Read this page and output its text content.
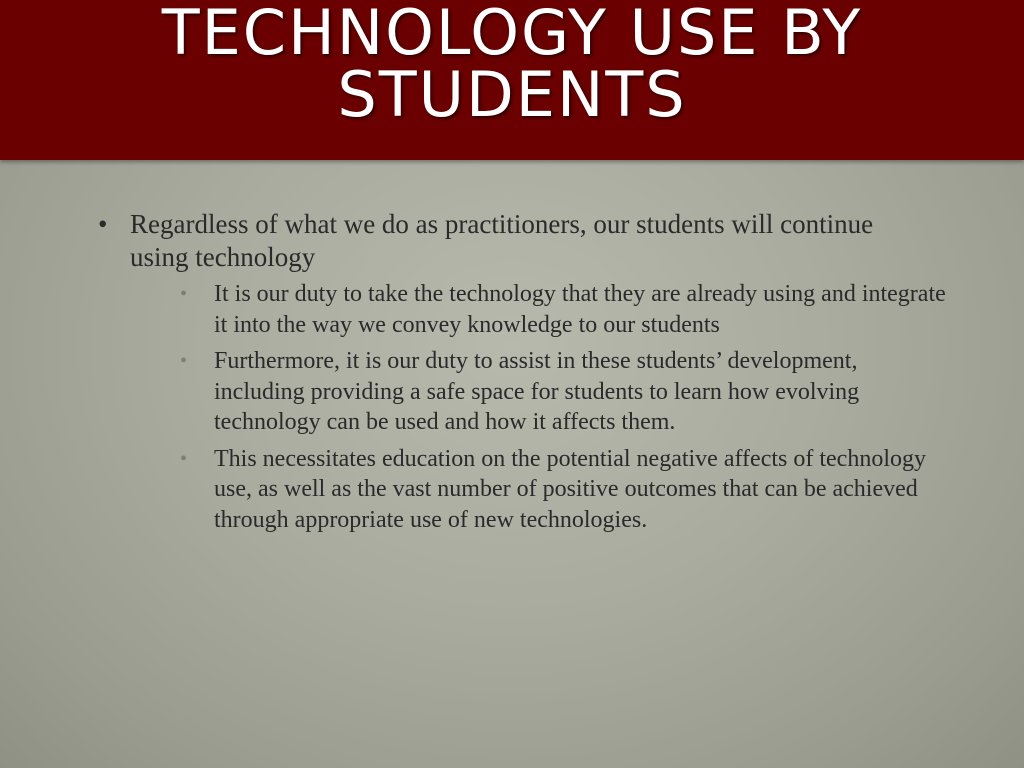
TECHNOLOGY USE BY
STUDENTS
• Regardless of what we do as practitioners, our students will continue using technology
• It is our duty to take the technology that they are already using and integrate it into the way we convey knowledge to our students
• Furthermore, it is our duty to assist in these students’ development, including providing a safe space for students to learn how evolving technology can be used and how it affects them.
• This necessitates education on the potential negative affects of technology use, as well as the vast number of positive outcomes that can be achieved through appropriate use of new technologies.
